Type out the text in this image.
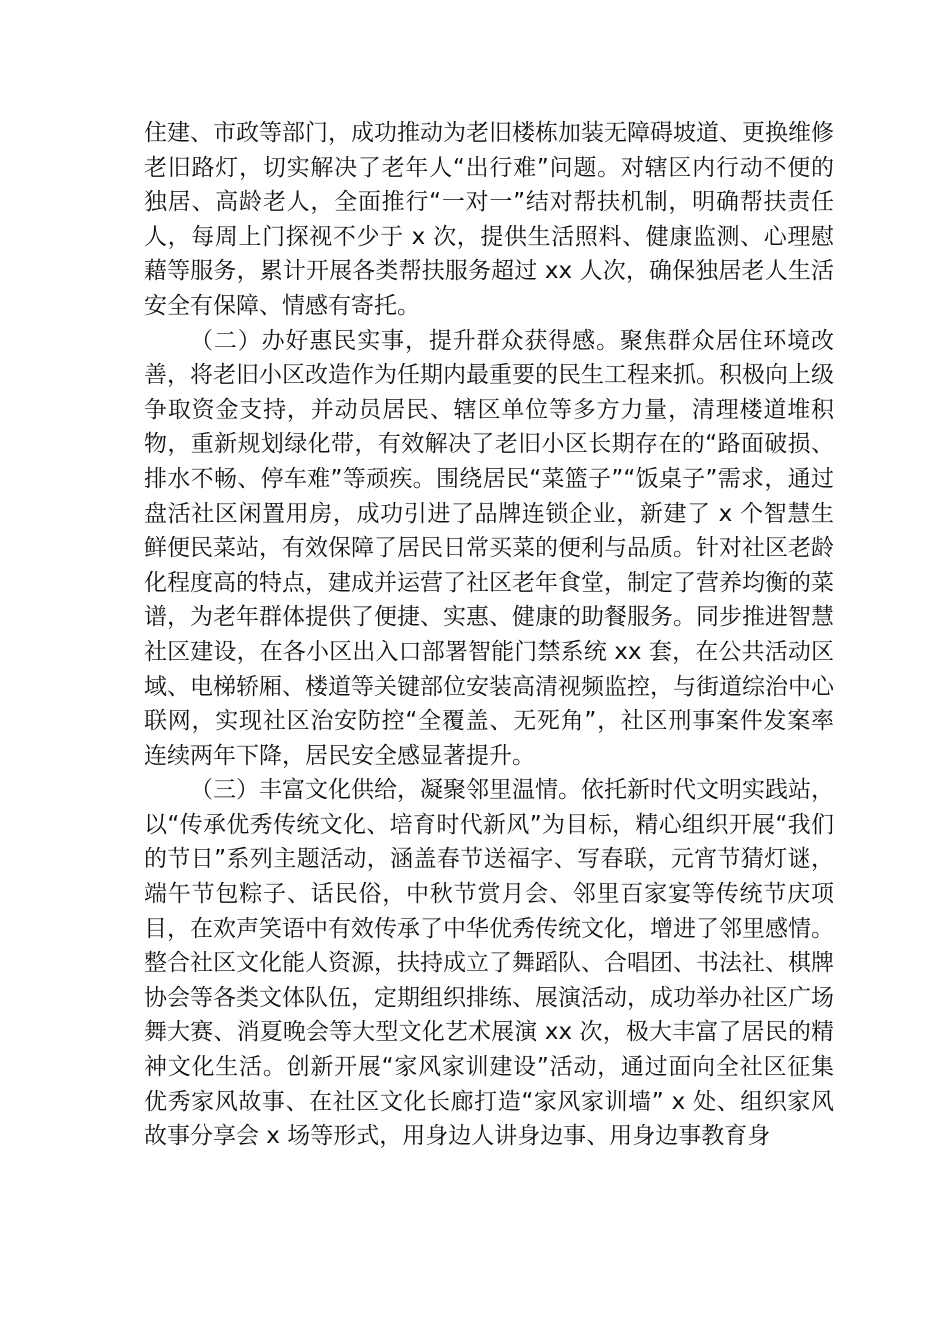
住建、市政等部门，成功推动为老旧楼栋加装无障碍坡道、更换维修老旧路灯，切实解决了老年人“出行难”问题。对辖区内行动不便的独居、高龄老人，全面推行“一对一”结对帮扶机制，明确帮扶责任人，每周上门探视不少于 x 次，提供生活照料、健康监测、心理慰藉等服务，累计开展各类帮扶服务超过 xx 人次，确保独居老人生活安全有保障、情感有寄托。

（二）办好惠民实事，提升群众获得感。聚焦群众居住环境改善，将老旧小区改造作为任期内最重要的民生工程来抓。积极向上级争取资金支持，并动员居民、辖区单位等多方力量，清理楼道堆积物，重新规划绿化带，有效解决了老旧小区长期存在的“路面破损、排水不畅、停车难”等顽疾。围绕居民“菜篮子”“饭桌子”需求，通过盘活社区闲置用房，成功引进了品牌连锁企业，新建了 x 个智慧生鲜便民菜站，有效保障了居民日常买菜的便利与品质。针对社区老龄化程度高的特点，建成并运营了社区老年食堂，制定了营养均衡的菜谱，为老年群体提供了便捷、实惠、健康的助餐服务。同步推进智慧社区建设，在各小区出入口部署智能门禁系统 xx 套，在公共活动区域、电梯轿厢、楼道等关键部位安装高清视频监控，与街道综治中心联网，实现社区治安防控“全覆盖、无死角”，社区刑事案件发案率连续两年下降，居民安全感显著提升。

（三）丰富文化供给，凝聚邻里温情。依托新时代文明实践站，以“传承优秀传统文化、培育时代新风”为目标，精心组织开展“我们的节日”系列主题活动，涵盖春节送福字、写春联，元宵节猜灯谜，端午节包粽子、话民俗，中秋节赏月会、邻里百家宴等传统节庆项目，在欢声笑语中有效传承了中华优秀传统文化，增进了邻里感情。整合社区文化能人资源，扶持成立了舞蹈队、合唱团、书法社、棋牌协会等各类文体队伍，定期组织排练、展演活动，成功举办社区广场舞大赛、消夏晚会等大型文化艺术展演 xx 次，极大丰富了居民的精神文化生活。创新开展“家风家训建设”活动，通过面向全社区征集优秀家风故事、在社区文化长廊打造“家风家训墙” x 处、组织家风故事分享会 x 场等形式，用身边人讲身边事、用身边事教育身
